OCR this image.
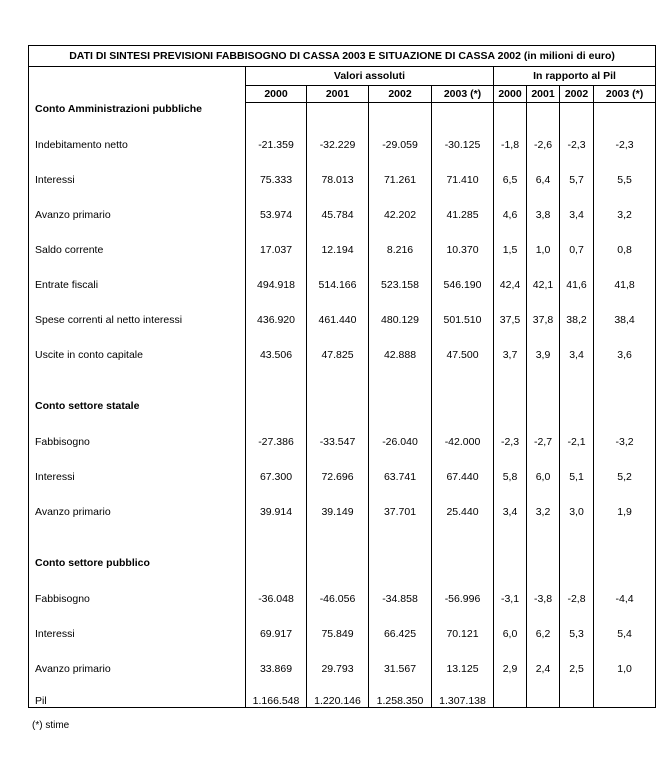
DATI DI SINTESI PREVISIONI FABBISOGNO DI CASSA 2003 E SITUAZIONE DI CASSA 2002 (in milioni di euro)								
	Valori assoluti				In rapporto al Pil			
	2000	2001	2002	2003 (*)	2000	2001	2002	2003 (*)
Conto Amministrazioni pubbliche								
Indebitamento netto	-21.359	-32.229	-29.059	-30.125	-1,8	-2,6	-2,3	-2,3
Interessi	75.333	78.013	71.261	71.410	6,5	6,4	5,7	5,5
Avanzo primario	53.974	45.784	42.202	41.285	4,6	3,8	3,4	3,2
Saldo corrente	17.037	12.194	8.216	10.370	1,5	1,0	0,7	0,8
Entrate fiscali	494.918	514.166	523.158	546.190	42,4	42,1	41,6	41,8
Spese correnti al netto interessi	436.920	461.440	480.129	501.510	37,5	37,8	38,2	38,4
Uscite in conto capitale	43.506	47.825	42.888	47.500	3,7	3,9	3,4	3,6

Conto settore statale								
Fabbisogno	-27.386	-33.547	-26.040	-42.000	-2,3	-2,7	-2,1	-3,2
Interessi	67.300	72.696	63.741	67.440	5,8	6,0	5,1	5,2
Avanzo primario	39.914	39.149	37.701	25.440	3,4	3,2	3,0	1,9

Conto settore pubblico								
Fabbisogno	-36.048	-46.056	-34.858	-56.996	-3,1	-3,8	-2,8	-4,4
Interessi	69.917	75.849	66.425	70.121	6,0	6,2	5,3	5,4
Avanzo primario	33.869	29.793	31.567	13.125	2,9	2,4	2,5	1,0
Pil	1.166.548	1.220.146	1.258.350	1.307.138				
(*) stime
